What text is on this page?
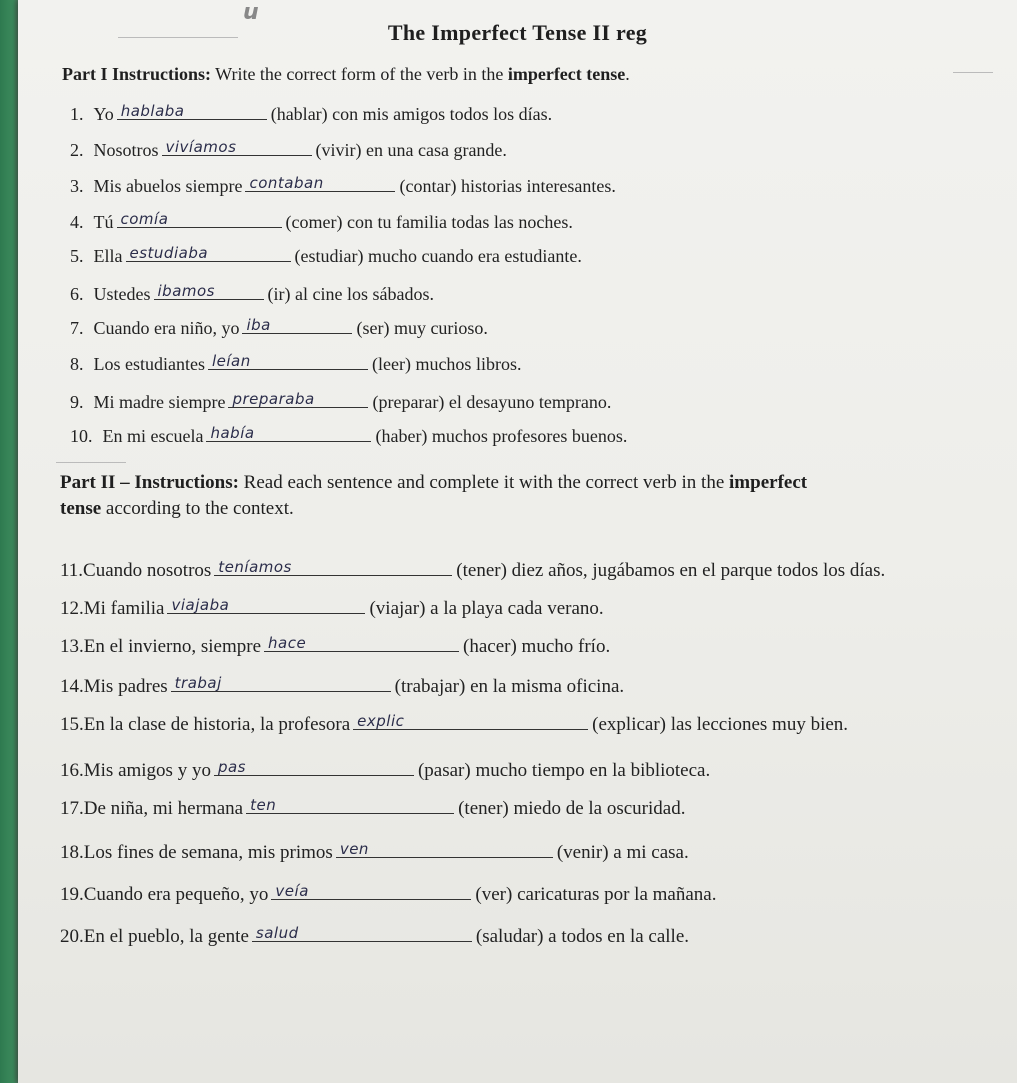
𝙪
The Imperfect Tense II reg
Part I Instructions: Write the correct form of the verb in the imperfect tense.
1. Yo hablaba	(hablar) con mis amigos todos los días.
2. Nosotros vivíamos	(vivir) en una casa grande.
3. Mis abuelos siempre contaban	(contar) historias interesantes.
4. Tú comía	(comer) con tu familia todas las noches.
5. Ella estudiaba	(estudiar) mucho cuando era estudiante.
6. Ustedes ibamos	(ir) al cine los sábados.
7. Cuando era niño, yo iba	(ser) muy curioso.
8. Los estudiantes leían	(leer) muchos libros.
9. Mi madre siempre preparaba	(preparar) el desayuno temprano.
10. En mi escuela había	(haber) muchos profesores buenos.
Part II – Instructions: Read each sentence and complete it with the correct verb in the imperfect
tense according to the context.
11.Cuando nosotros teníamos	(tener) diez años, jugábamos en el parque todos los días.
12.Mi familia viajaba	(viajar) a la playa cada verano.
13.En el invierno, siempre hace	(hacer) mucho frío.
14.Mis padres trabaj	(trabajar) en la misma oficina.
15.En la clase de historia, la profesora explic	(explicar) las lecciones muy bien.
16.Mis amigos y yo pas	(pasar) mucho tiempo en la biblioteca.
17.De niña, mi hermana ten	(tener) miedo de la oscuridad.
18.Los fines de semana, mis primos ven	(venir) a mi casa.
19.Cuando era pequeño, yo veía	(ver) caricaturas por la mañana.
20.En el pueblo, la gente salud	(saludar) a todos en la calle.
